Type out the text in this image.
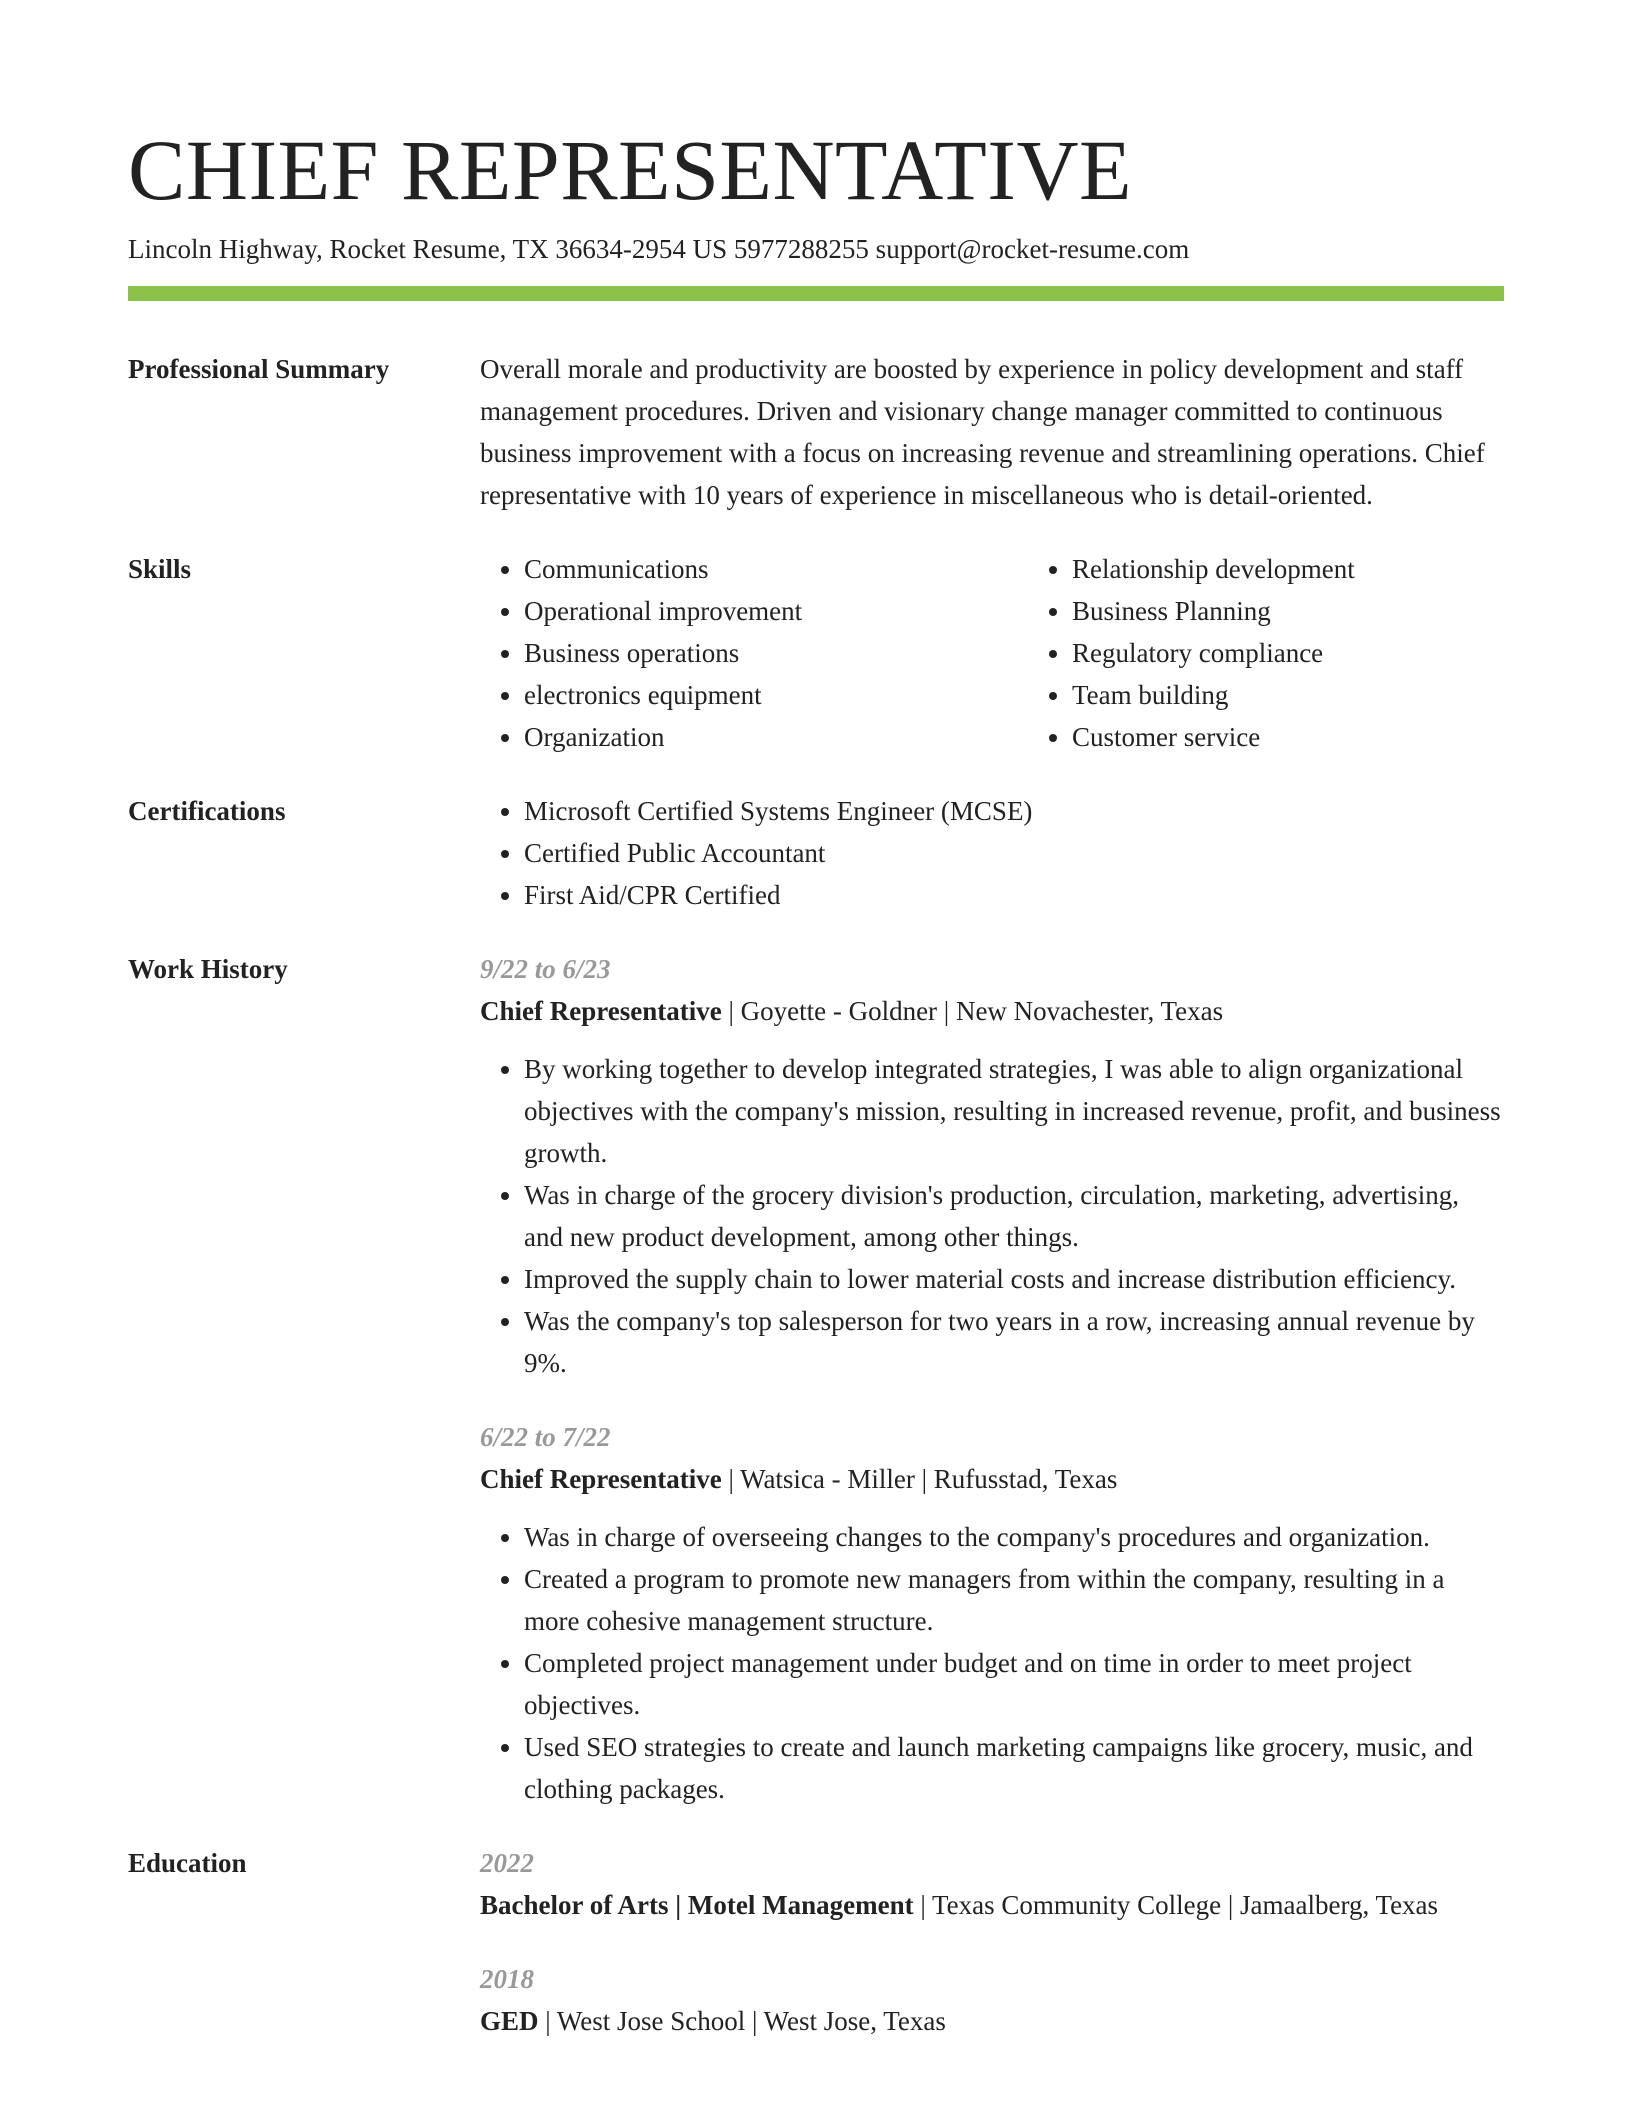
CHIEF REPRESENTATIVE
Lincoln Highway, Rocket Resume, TX 36634-2954 US 5977288255 support@rocket-resume.com
Professional Summary	Overall morale and productivity are boosted by experience in policy development and staff management procedures. Driven and visionary change manager committed to continuous business improvement with a focus on increasing revenue and streamlining operations. Chief representative with 10 years of experience in miscellaneous who is detail-oriented.

Skills	• Communications
• Operational improvement
• Business operations
• electronics equipment
• Organization
• Relationship development
• Business Planning
• Regulatory compliance
• Team building
• Customer service
Certifications	• Microsoft Certified Systems Engineer (MCSE)
• Certified Public Accountant
• First Aid/CPR Certified
Work History	9/22 to 6/23
Chief Representative | Goyette - Goldner | New Novachester, Texas
• By working together to develop integrated strategies, I was able to align organizational objectives with the company's mission, resulting in increased revenue, profit, and business growth.
• Was in charge of the grocery division's production, circulation, marketing, advertising, and new product development, among other things.
• Improved the supply chain to lower material costs and increase distribution efficiency.
• Was the company's top salesperson for two years in a row, increasing annual revenue by 9%.
6/22 to 7/22
Chief Representative | Watsica - Miller | Rufusstad, Texas
• Was in charge of overseeing changes to the company's procedures and organization.
• Created a program to promote new managers from within the company, resulting in a more cohesive management structure.
• Completed project management under budget and on time in order to meet project objectives.
• Used SEO strategies to create and launch marketing campaigns like grocery, music, and clothing packages.
Education	2022
Bachelor of Arts | Motel Management | Texas Community College | Jamaalberg, Texas
2018
GED | West Jose School | West Jose, Texas
